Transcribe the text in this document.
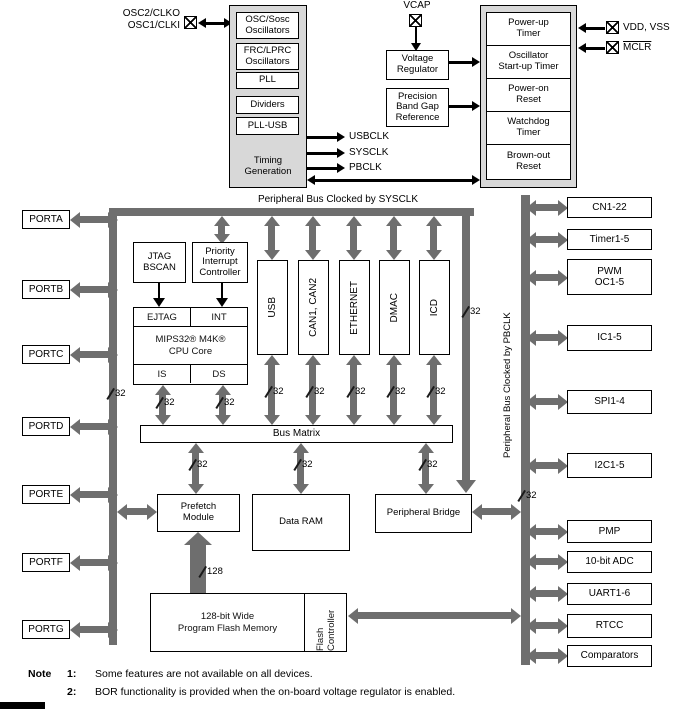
OSC2/CLKO
OSC1/CLKI
OSC/Sosc
Oscillators
FRC/LPRC
Oscillators
PLL
Dividers
PLL-USB
Timing
Generation
USBCLK
SYSCLK
PBCLK
VCAP
Voltage
Regulator
Precision
Band Gap
Reference
Power-up
Timer
Oscillator
Start-up Timer
Power-on
Reset
Watchdog
Timer
Brown-out
Reset
VDD, VSS
MCLR
Peripheral Bus Clocked by SYSCLK
Peripheral Bus Clocked by PBCLK
32
32
32
PORTA
PORTB
PORTC
PORTD
PORTE
PORTF
PORTG
JTAG
BSCAN
Priority
Interrupt
Controller
EJTAG	INT
MIPS32® M4K®
CPU Core
IS	DS
32	32
USB	CAN1, CAN2	ETHERNET	DMAC	ICD
32	32	32	32	32
Bus Matrix
32	32	32
Prefetch
Module	Data RAM
Peripheral Bridge
128
128-bit Wide
Program Flash Memory	Flash Controller
CN1-22
Timer1-5
PWM
OC1-5
IC1-5
SPI1-4
I2C1-5
PMP
10-bit ADC
UART1-6
RTCC
Comparators
Note 1: Some features are not available on all devices.
2: BOR functionality is provided when the on-board voltage regulator is enabled.
